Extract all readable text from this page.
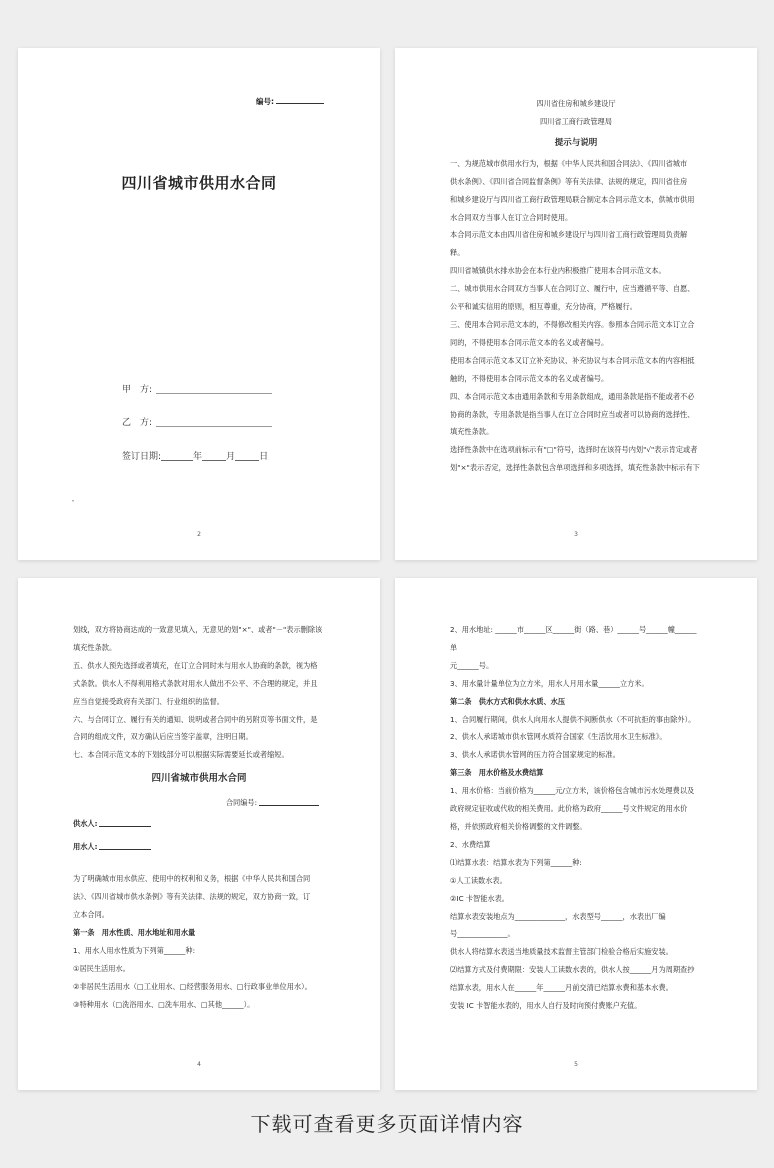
编号:
四川省城市供用水合同
甲　方:
乙　方:
签订日期:	年	月	日
"
2

四川省住房和城乡建设厅

四川省工商行政管理局

提示与说明

一、为规范城市供用水行为，根据《中华人民共和国合同法》、《四川省城市

供水条例》、《四川省合同监督条例》等有关法律、法规的规定，四川省住房

和城乡建设厅与四川省工商行政管理局联合制定本合同示范文本，供城市供用

水合同双方当事人在订立合同时使用。

本合同示范文本由四川省住房和城乡建设厅与四川省工商行政管理局负责解

释。

四川省城镇供水排水协会在本行业内积极推广使用本合同示范文本。

二、城市供用水合同双方当事人在合同订立、履行中，应当遵循平等、自愿、

公平和诚实信用的原则，相互尊重，充分协商，严格履行。

三、使用本合同示范文本的，不得修改相关内容。参照本合同示范文本订立合

同的，不得使用本合同示范文本的名义或者编号。

使用本合同示范文本又订立补充协议、补充协议与本合同示范文本的内容相抵

触的，不得使用本合同示范文本的名义或者编号。

四、本合同示范文本由通用条款和专用条款组成，通用条款是指不能或者不必

协商的条款，专用条款是指当事人在订立合同时应当或者可以协商的选择性、

填充性条款。

选择性条款中在选项前标示有"□"符号，选择时在该符号内划"√"表示肯定或者

划"×"表示否定，选择性条款包含单项选择和多项选择，填充性条款中标示有下

3

划线，双方将协商达成的一致意见填入，无意见的划"×"、或者"－"表示删除该

填充性条款。

五、供水人预先选择或者填充，在订立合同时未与用水人协商的条款，视为格

式条款。供水人不得利用格式条款对用水人做出不公平、不合理的规定，并且

应当自觉接受政府有关部门、行业组织的监督。

六、与合同订立、履行有关的通知、说明或者合同中的另附页等书面文件，是

合同的组成文件，双方确认后应当签字盖章，注明日期。

七、本合同示范文本的下划线部分可以根据实际需要延长或者缩短。

四川省城市供用水合同

合同编号:

供水人:

用水人:

为了明确城市用水供应、使用中的权利和义务，根据《中华人民共和国合同

法》、《四川省城市供水条例》等有关法律、法规的规定，双方协商一致，订

立本合同。

第一条　用水性质、用水地址和用水量

1、用水人用水性质为下列第______种:

①居民生活用水。

②非居民生活用水（□工业用水、□经营服务用水、□行政事业单位用水）。

③特种用水（□洗浴用水、□洗车用水、□其他______）。

4

2、用水地址: ______市______区______街（路、巷）______号______幢______单

元______号。

3、用水量计量单位为立方米，用水人月用水量______立方米。

第二条　供水方式和供水水质、水压

1、合同履行期间，供水人向用水人提供不间断供水（不可抗拒的事由除外）。

2、供水人承诺城市供水管网水质符合国家《生活饮用水卫生标准》。

3、供水人承诺供水管网的压力符合国家规定的标准。

第三条　用水价格及水费结算

1、用水价格：当前价格为______元/立方米，该价格包含城市污水处理费以及

政府规定征收或代收的相关费用。此价格为政府______号文件规定的用水价

格，并依照政府相关价格调整的文件调整。

2、水费结算

⑴结算水表：结算水表为下列第______种:

①人工读数水表。

②IC 卡智能水表。

结算水表安装地点为______________，水表型号______，水表出厂编

号______________。

供水人将结算水表送当地质量技术监督主管部门检验合格后实施安装。

⑵结算方式及付费期限：安装人工读数水表的，供水人按______月为周期查抄

结算水表，用水人在______年______月前交清已结算水费和基本水费。

安装 IC 卡智能水表的，用水人自行及时向预付费账户充值。

5
下载可查看更多页面详情内容
